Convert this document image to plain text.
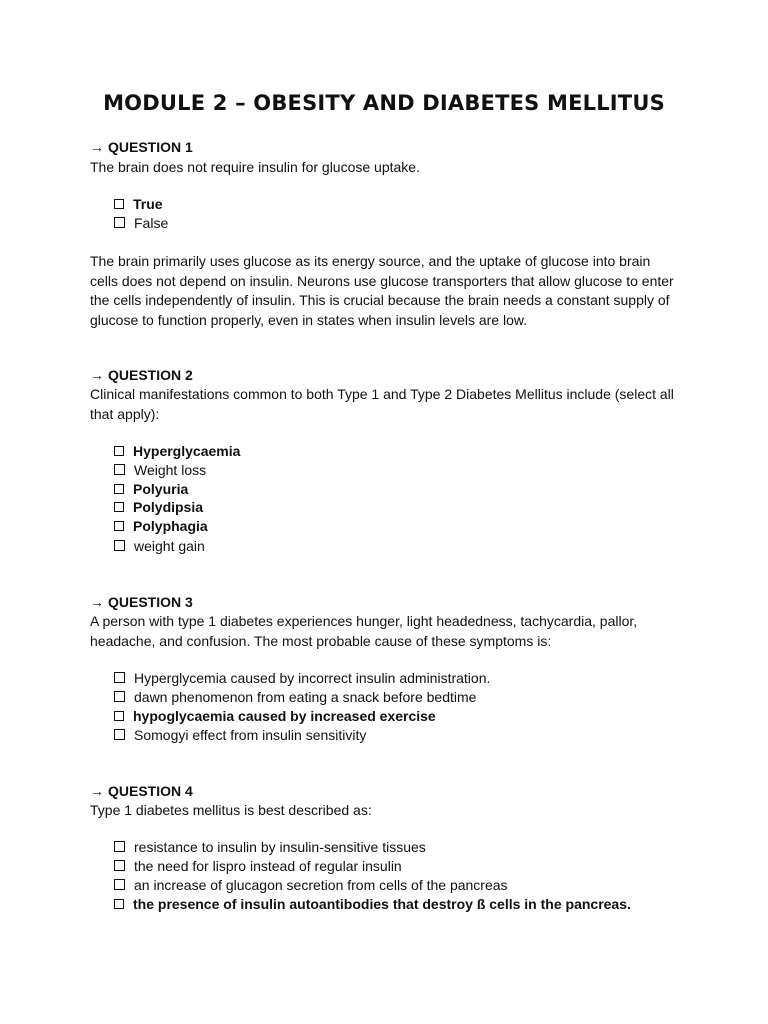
MODULE 2 – OBESITY AND DIABETES MELLITUS
→ QUESTION 1
The brain does not require insulin for glucose uptake.
True
False
The brain primarily uses glucose as its energy source, and the uptake of glucose into brain cells does not depend on insulin. Neurons use glucose transporters that allow glucose to enter the cells independently of insulin. This is crucial because the brain needs a constant supply of glucose to function properly, even in states when insulin levels are low.
→ QUESTION 2
Clinical manifestations common to both Type 1 and Type 2 Diabetes Mellitus include (select all that apply):
Hyperglycaemia
Weight loss
Polyuria
Polydipsia
Polyphagia
weight gain
→ QUESTION 3
A person with type 1 diabetes experiences hunger, light headedness, tachycardia, pallor, headache, and confusion. The most probable cause of these symptoms is:
Hyperglycemia caused by incorrect insulin administration.
dawn phenomenon from eating a snack before bedtime
hypoglycaemia caused by increased exercise
Somogyi effect from insulin sensitivity
→ QUESTION 4
Type 1 diabetes mellitus is best described as:
resistance to insulin by insulin-sensitive tissues
the need for lispro instead of regular insulin
an increase of glucagon secretion from cells of the pancreas
the presence of insulin autoantibodies that destroy ß cells in the pancreas.
